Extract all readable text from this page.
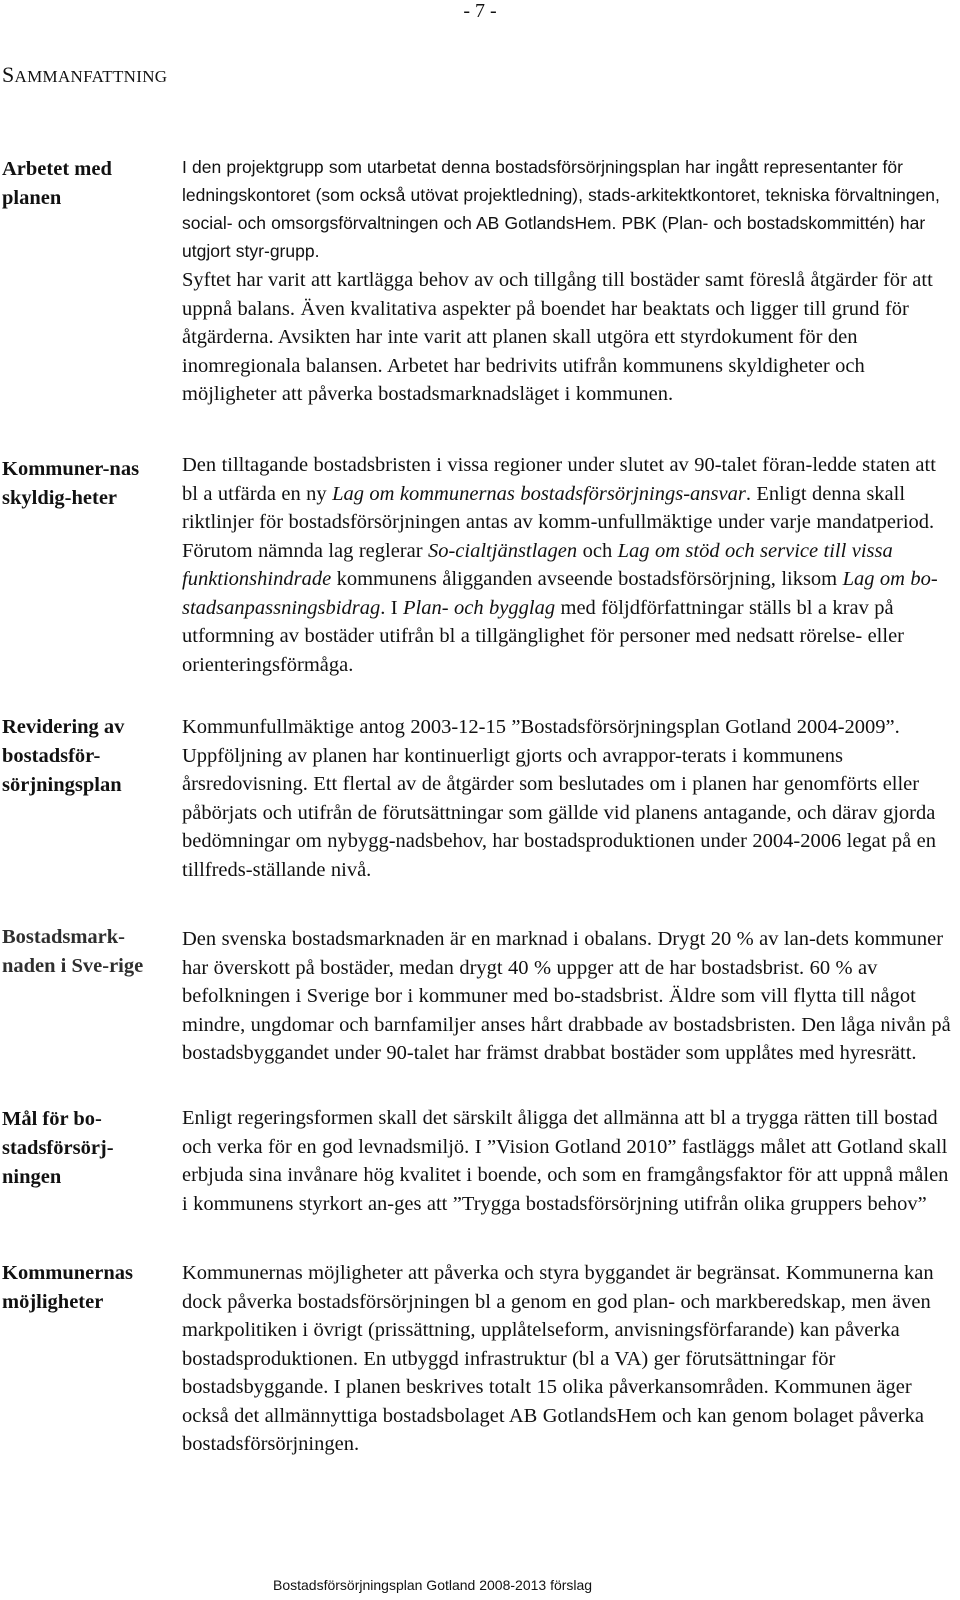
- 7 -
SAMMANFATTNING

Arbetet med planen

Kommuner-nas skyldig-heter

Revidering av bostadsför-sörjningsplan

Bostadsmark-naden i Sve-rige

Mål för bo-stadsförsörj-ningen

Kommunernas möjligheter

I den projektgrupp som utarbetat denna bostadsförsörjningsplan har ingått representanter för ledningskontoret (som också utövat projektledning), stads-arkitektkontoret, tekniska förvaltningen, social- och omsorgsförvaltningen och AB GotlandsHem. PBK (Plan- och bostadskommittén) har utgjort styr-grupp.

Syftet har varit att kartlägga behov av och tillgång till bostäder samt föreslå åtgärder för att uppnå balans. Även kvalitativa aspekter på boendet har beaktats och ligger till grund för åtgärderna. Avsikten har inte varit att planen skall utgöra ett styrdokument för den inomregionala balansen. Arbetet har bedrivits utifrån kommunens skyldigheter och möjligheter att påverka bostadsmarknadsläget i kommunen.

Den tilltagande bostadsbristen i vissa regioner under slutet av 90-talet föran-ledde staten att bl a utfärda en ny Lag om kommunernas bostadsförsörjnings-ansvar. Enligt denna skall riktlinjer för bostadsförsörjningen antas av komm-unfullmäktige under varje mandatperiod. Förutom nämnda lag reglerar So-cialtjänstlagen och Lag om stöd och service till vissa funktionshindrade kommunens åligganden avseende bostadsförsörjning, liksom Lag om bo-stadsanpassningsbidrag. I Plan- och bygglag med följdförfattningar ställs bl a krav på utformning av bostäder utifrån bl a tillgänglighet för personer med nedsatt rörelse- eller orienteringsförmåga.

Kommunfullmäktige antog 2003-12-15 ”Bostadsförsörjningsplan Gotland 2004-2009”. Uppföljning av planen har kontinuerligt gjorts och avrappor-terats i kommunens årsredovisning. Ett flertal av de åtgärder som beslutades om i planen har genomförts eller påbörjats och utifrån de förutsättningar som gällde vid planens antagande, och därav gjorda bedömningar om nybygg-nadsbehov, har bostadsproduktionen under 2004-2006 legat på en tillfreds-ställande nivå.

Den svenska bostadsmarknaden är en marknad i obalans. Drygt 20 % av lan-dets kommuner har överskott på bostäder, medan drygt 40 % uppger att de har bostadsbrist. 60 % av befolkningen i Sverige bor i kommuner med bo-stadsbrist. Äldre som vill flytta till något mindre, ungdomar och barnfamiljer anses hårt drabbade av bostadsbristen. Den låga nivån på bostadsbyggandet under 90-talet har främst drabbat bostäder som upplåtes med hyresrätt.

Enligt regeringsformen skall det särskilt åligga det allmänna att bl a trygga rätten till bostad och verka för en god levnadsmiljö. I ”Vision Gotland 2010” fastläggs målet att Gotland skall erbjuda sina invånare hög kvalitet i boende, och som en framgångsfaktor för att uppnå målen i kommunens styrkort an-ges att ”Trygga bostadsförsörjning utifrån olika gruppers behov”

Kommunernas möjligheter att påverka och styra byggandet är begränsat. Kommunerna kan dock påverka bostadsförsörjningen bl a genom en god plan- och markberedskap, men även markpolitiken i övrigt (prissättning, upplåtelseform, anvisningsförfarande) kan påverka bostadsproduktionen. En utbyggd infrastruktur (bl a VA) ger förutsättningar för bostadsbyggande. I planen beskrives totalt 15 olika påverkansområden. Kommunen äger också det allmännyttiga bostadsbolaget AB GotlandsHem och kan genom bolaget påverka bostadsförsörjningen.

Bostadsförsörjningsplan Gotland 2008-2013 förslag
